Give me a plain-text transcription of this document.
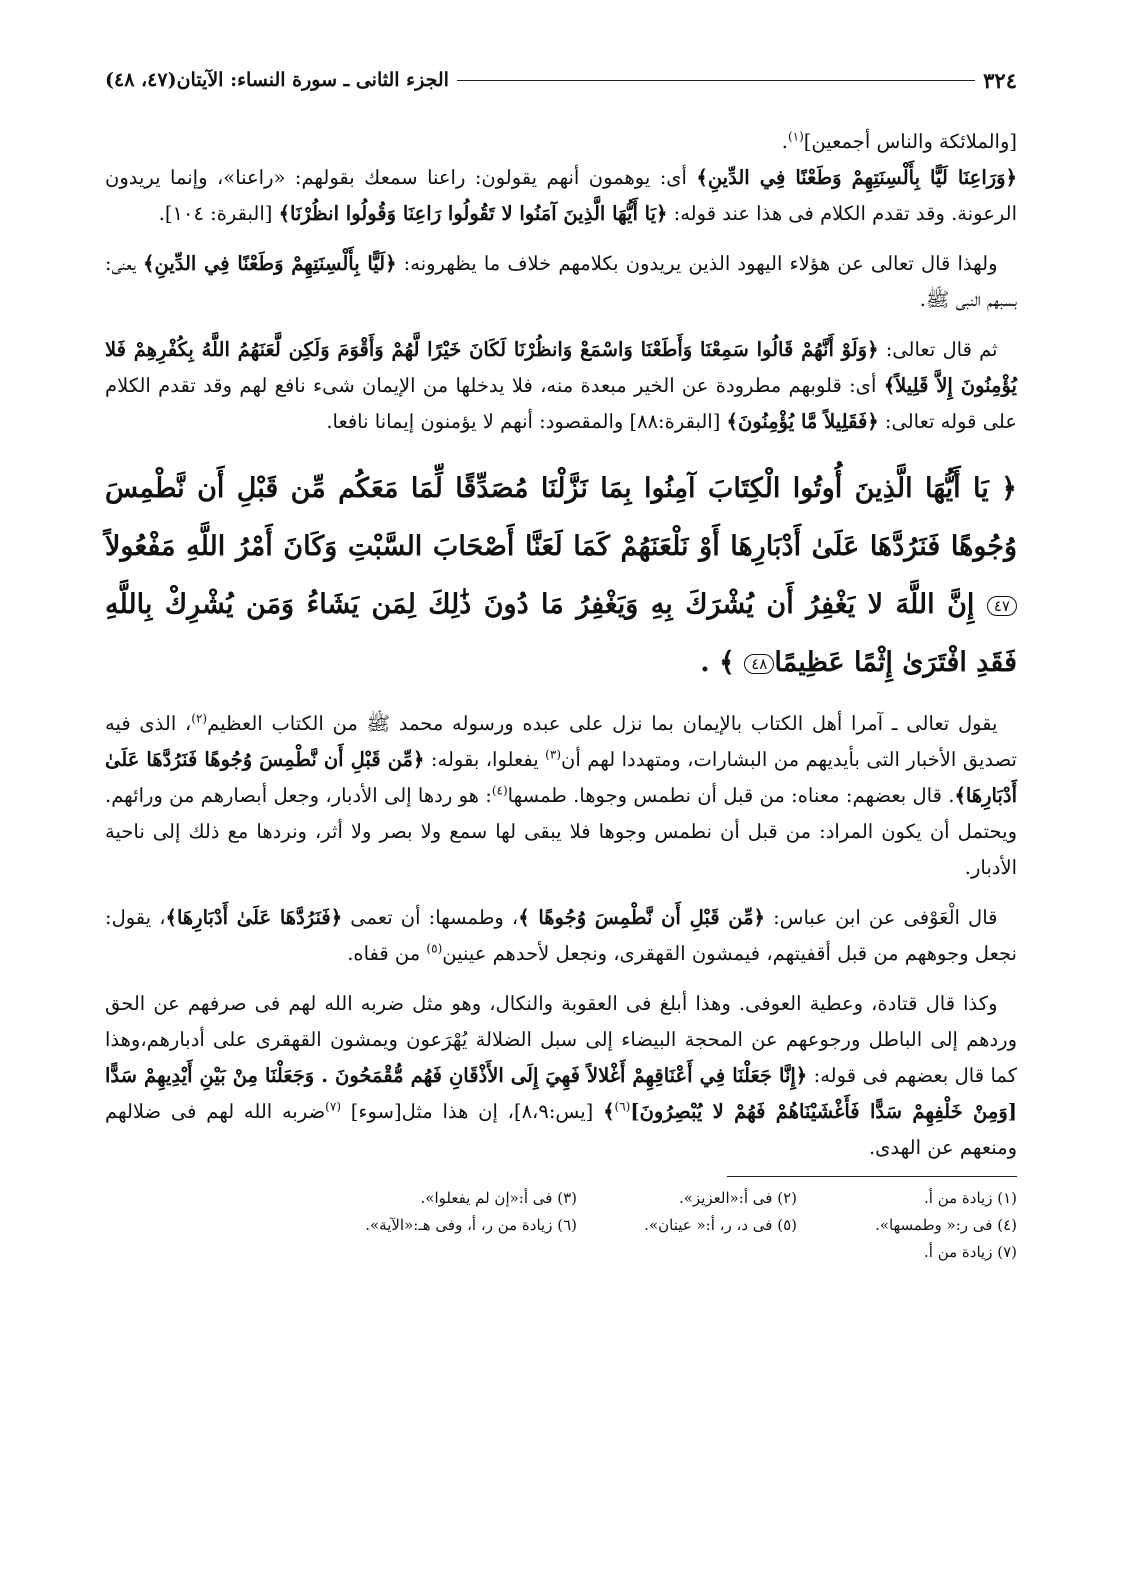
٣٢٤
الجزء الثانى ـ سورة النساء: الآيتان(٤٧، ٤٨)

[والملائكة والناس أجمعين]$^{(١)}$.

﴿وَرَاعِنَا لَيًّا بِأَلْسِنَتِهِمْ وَطَعْنًا فِي الدِّينِ﴾ أى: يوهمون أنهم يقولون: راعنا سمعك بقولهم: «راعنا»، وإنما يريدون الرعونة. وقد تقدم الكلام فى هذا عند قوله: ﴿يَا أَيُّهَا الَّذِينَ آمَنُوا لا تَقُولُوا رَاعِنَا وَقُولُوا انظُرْنَا﴾ [البقرة: ١٠٤].

 ولهذا قال تعالى عن هؤلاء اليهود الذين يريدون بكلامهم خلاف ما يظهرونه: ﴿لَيًّا بِأَلْسِنَتِهِمْ وَطَعْنًا فِي الدِّينِ﴾ يعنى: بسبهم النبى ﷺ.

 ثم قال تعالى: ﴿وَلَوْ أَنَّهُمْ قَالُوا سَمِعْنَا وَأَطَعْنَا وَاسْمَعْ وَانظُرْنَا لَكَانَ خَيْرًا لَّهُمْ وَأَقْوَمَ وَلَكِن لَّعَنَهُمُ اللَّهُ بِكُفْرِهِمْ فَلا يُؤْمِنُونَ إِلاَّ قَلِيلاً﴾ أى: قلوبهم مطرودة عن الخير مبعدة منه، فلا يدخلها من الإيمان شىء نافع لهم وقد تقدم الكلام على قوله تعالى: ﴿فَقَلِيلاً مَّا يُؤْمِنُونَ﴾ [البقرة:٨٨] والمقصود: أنهم لا يؤمنون إيمانا نافعا.

﴿ يَا أَيُّهَا الَّذِينَ أُوتُوا الْكِتَابَ آمِنُوا بِمَا نَزَّلْنَا مُصَدِّقًا لِّمَا مَعَكُم مِّن قَبْلِ أَن نَّطْمِسَ وُجُوهًا فَنَرُدَّهَا عَلَىٰ أَدْبَارِهَا أَوْ نَلْعَنَهُمْ كَمَا لَعَنَّا أَصْحَابَ السَّبْتِ وَكَانَ أَمْرُ اللَّهِ مَفْعُولاً ٤٧ إِنَّ اللَّهَ لا يَغْفِرُ أَن يُشْرَكَ بِهِ وَيَغْفِرُ مَا دُونَ ذَٰلِكَ لِمَن يَشَاءُ وَمَن يُشْرِكْ بِاللَّهِ فَقَدِ افْتَرَىٰ إِثْمًا عَظِيمًا٤٨ ﴾ .

 يقول تعالى ـ آمرا أهل الكتاب بالإيمان بما نزل على عبده ورسوله محمد ﷺ من الكتاب العظيم$^{(٢)}$، الذى فيه تصديق الأخبار التى بأيديهم من البشارات، ومتهددا لهم أن$^{(٣)}$ يفعلوا، بقوله: ﴿مِّن قَبْلِ أَن نَّطْمِسَ وُجُوهًا فَنَرُدَّهَا عَلَىٰ أَدْبَارِهَا﴾. قال بعضهم: معناه: من قبل أن نطمس وجوها. طمسها$^{(٤)}$: هو ردها إلى الأدبار، وجعل أبصارهم من ورائهم. ويحتمل أن يكون المراد: من قبل أن نطمس وجوها فلا يبقى لها سمع ولا بصر ولا أثر، ونردها مع ذلك إلى ناحية الأدبار.

 قال الْعَوْفى عن ابن عباس: ﴿مِّن قَبْلِ أَن نَّطْمِسَ وُجُوهًا ﴾، وطمسها: أن تعمى ﴿فَنَرُدَّهَا عَلَىٰ أَدْبَارِهَا﴾، يقول: نجعل وجوههم من قبل أقفيتهم، فيمشون القهقرى، ونجعل لأحدهم عينين$^{(٥)}$ من قفاه.

 وكذا قال قتادة، وعطية العوفى. وهذا أبلغ فى العقوبة والنكال، وهو مثل ضربه الله لهم فى صرفهم عن الحق وردهم إلى الباطل ورجوعهم عن المحجة البيضاء إلى سبل الضلالة يُهْرَعون ويمشون القهقرى على أدبارهم،وهذا كما قال بعضهم فى قوله: ﴿إِنَّا جَعَلْنَا فِي أَعْنَاقِهِمْ أَغْلالاً فَهِيَ إِلَى الأَذْقَانِ فَهُم مُّقْمَحُونَ . وَجَعَلْنَا مِنْ بَيْنِ أَيْدِيهِمْ سَدًّا [وَمِنْ خَلْفِهِمْ سَدًّا فَأَغْشَيْنَاهُمْ فَهُمْ لا يُبْصِرُونَ]$^{(٦)}$﴾ [يس:٨،٩]، إن هذا مثل[سوء] $^{(٧)}$ضربه الله لهم فى ضلالهم ومنعهم عن الهدى.

(١) زيادة من أ.
(٢) فى أ:«العزيز».
(٣) فى أ:«إن لم يفعلوا».
(٤) فى ر:« وطمسها».
(٥) فى د، ر، أ:« عينان».
(٦) زيادة من ر، أ، وفى هـ:«الآية».
(٧) زيادة من أ.
